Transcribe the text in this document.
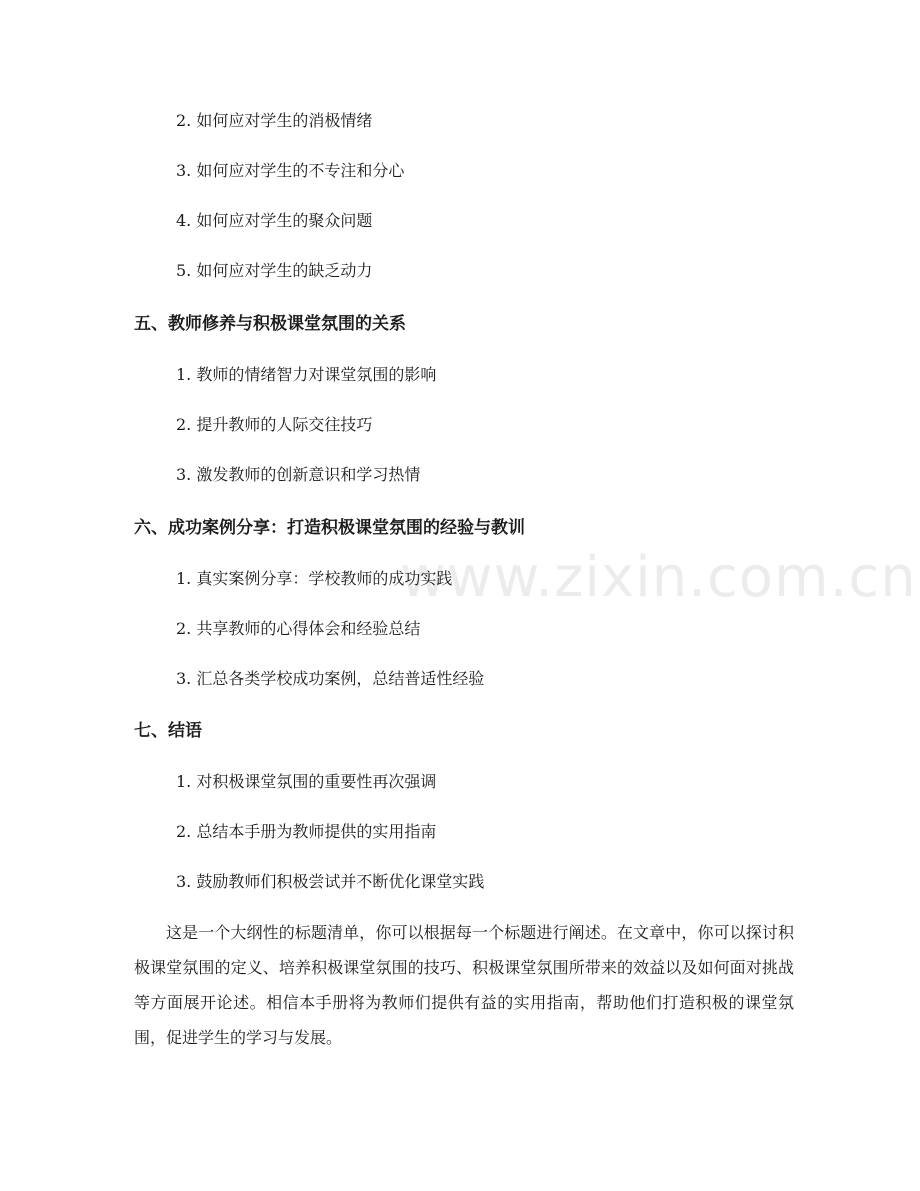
2. 如何应对学生的消极情绪
3. 如何应对学生的不专注和分心
4. 如何应对学生的聚众问题
5. 如何应对学生的缺乏动力
五、教师修养与积极课堂氛围的关系
1. 教师的情绪智力对课堂氛围的影响
2. 提升教师的人际交往技巧
3. 激发教师的创新意识和学习热情
六、成功案例分享：打造积极课堂氛围的经验与教训
1. 真实案例分享：学校教师的成功实践
2. 共享教师的心得体会和经验总结
3. 汇总各类学校成功案例，总结普适性经验
七、结语
1. 对积极课堂氛围的重要性再次强调
2. 总结本手册为教师提供的实用指南
3. 鼓励教师们积极尝试并不断优化课堂实践
这是一个大纲性的标题清单，你可以根据每一个标题进行阐述。在文章中，你可以探讨积极课堂氛围的定义、培养积极课堂氛围的技巧、积极课堂氛围所带来的效益以及如何面对挑战等方面展开论述。相信本手册将为教师们提供有益的实用指南，帮助他们打造积极的课堂氛围，促进学生的学习与发展。
www.zixin.com.cn
